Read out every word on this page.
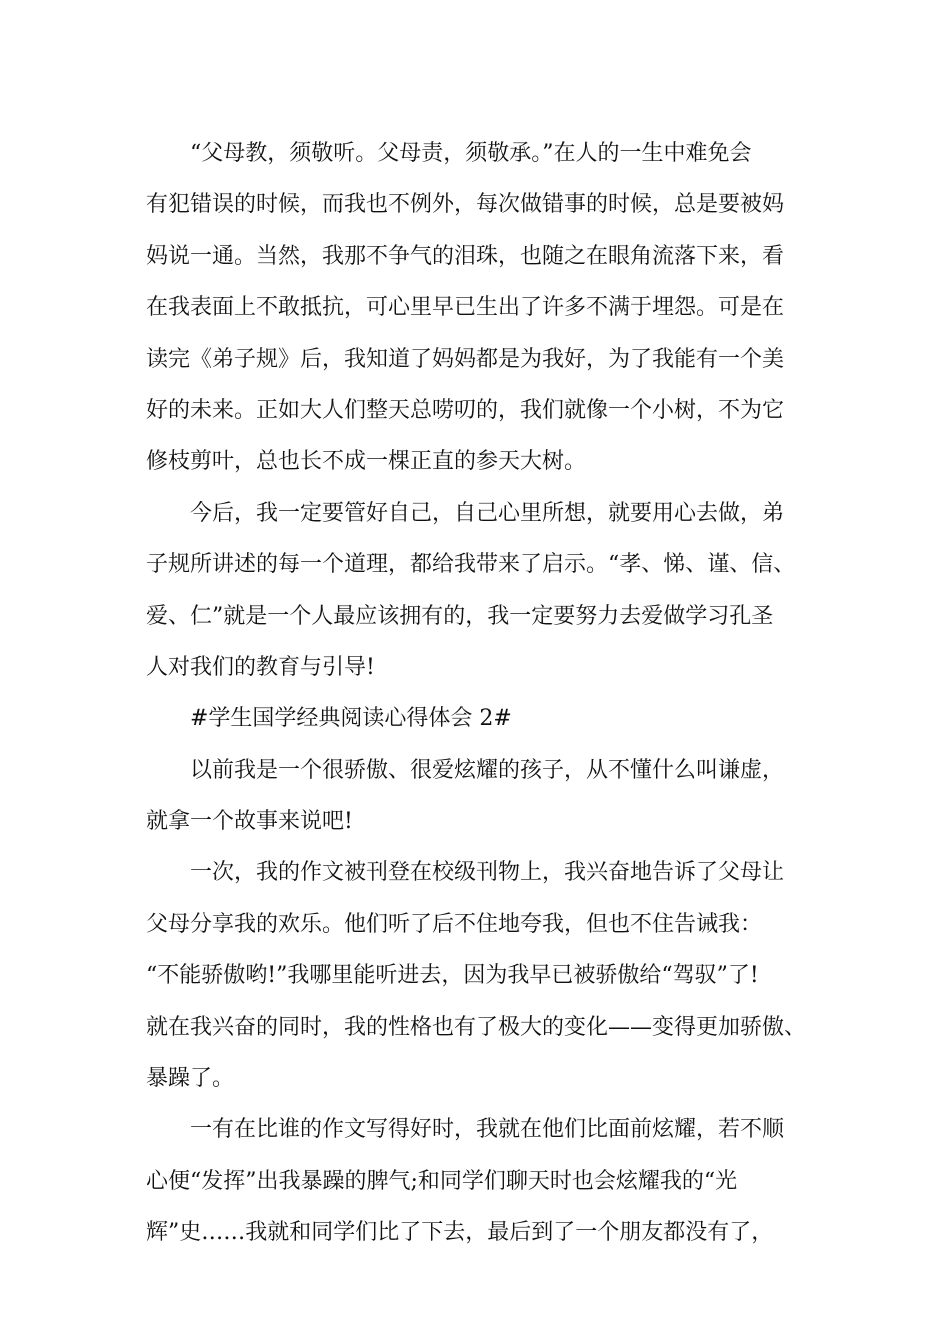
“父母教，须敬听。父母责，须敬承。”在人的一生中难免会
有犯错误的时候，而我也不例外，每次做错事的时候，总是要被妈
妈说一通。当然，我那不争气的泪珠，也随之在眼角流落下来，看
在我表面上不敢抵抗，可心里早已生出了许多不满于埋怨。可是在
读完《弟子规》后，我知道了妈妈都是为我好，为了我能有一个美
好的未来。正如大人们整天总唠叨的，我们就像一个小树，不为它
修枝剪叶，总也长不成一棵正直的参天大树。
今后，我一定要管好自己，自己心里所想，就要用心去做，弟
子规所讲述的每一个道理，都给我带来了启示。“孝、悌、谨、信、
爱、仁”就是一个人最应该拥有的，我一定要努力去爱做学习孔圣
人对我们的教育与引导!
#学生国学经典阅读心得体会 2#
以前我是一个很骄傲、很爱炫耀的孩子，从不懂什么叫谦虚，
就拿一个故事来说吧!
一次，我的作文被刊登在校级刊物上，我兴奋地告诉了父母让
父母分享我的欢乐。他们听了后不住地夸我，但也不住告诫我：
“不能骄傲哟!”我哪里能听进去，因为我早已被骄傲给“驾驭”了!
就在我兴奋的同时，我的性格也有了极大的变化——变得更加骄傲、
暴躁了。
一有在比谁的作文写得好时，我就在他们比面前炫耀，若不顺
心便“发挥”出我暴躁的脾气;和同学们聊天时也会炫耀我的“光
辉”史……我就和同学们比了下去，最后到了一个朋友都没有了，
